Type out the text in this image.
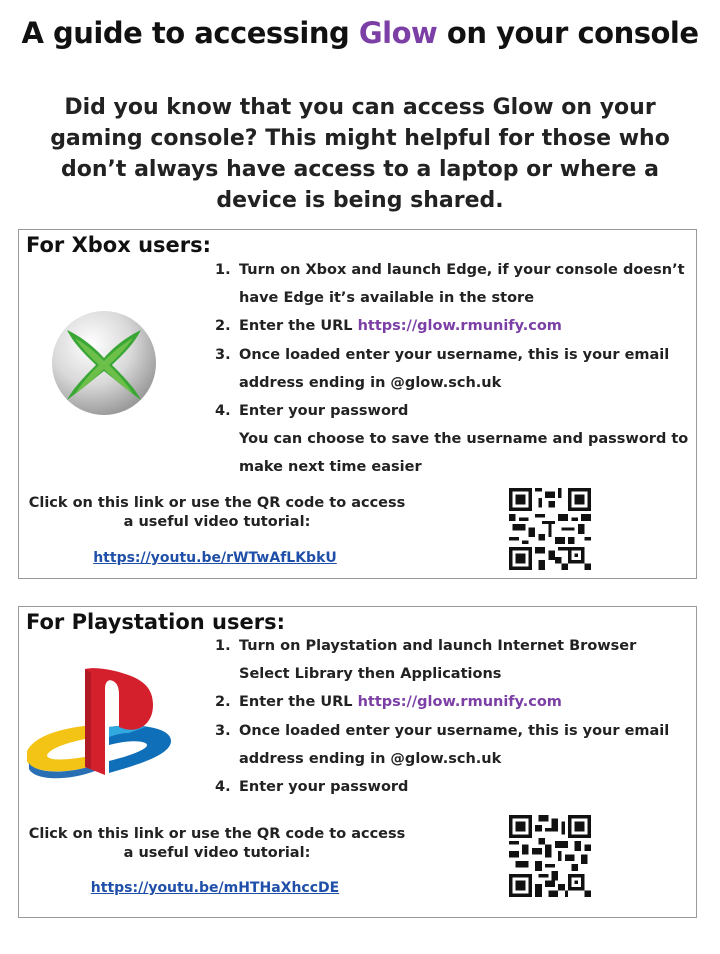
A guide to accessing Glow on your console
Did you know that you can access Glow on your gaming console? This might helpful for those who don’t always have access to a laptop or where a device is being shared.
For Xbox users:
1. Turn on Xbox and launch Edge, if your console doesn’t
have Edge it’s available in the store
2. Enter the URL https://glow.rmunify.com
3. Once loaded enter your username, this is your email
address ending in @glow.sch.uk
4. Enter your password
You can choose to save the username and password to
make next time easier
Click on this link or use the QR code to access a useful video tutorial:
https://youtu.be/rWTwAfLKbkU
For Playstation users:
1. Turn on Playstation and launch Internet Browser
Select Library then Applications
2. Enter the URL https://glow.rmunify.com
3. Once loaded enter your username, this is your email
address ending in @glow.sch.uk
4. Enter your password
Click on this link or use the QR code to access a useful video tutorial:
https://youtu.be/mHTHaXhccDE
